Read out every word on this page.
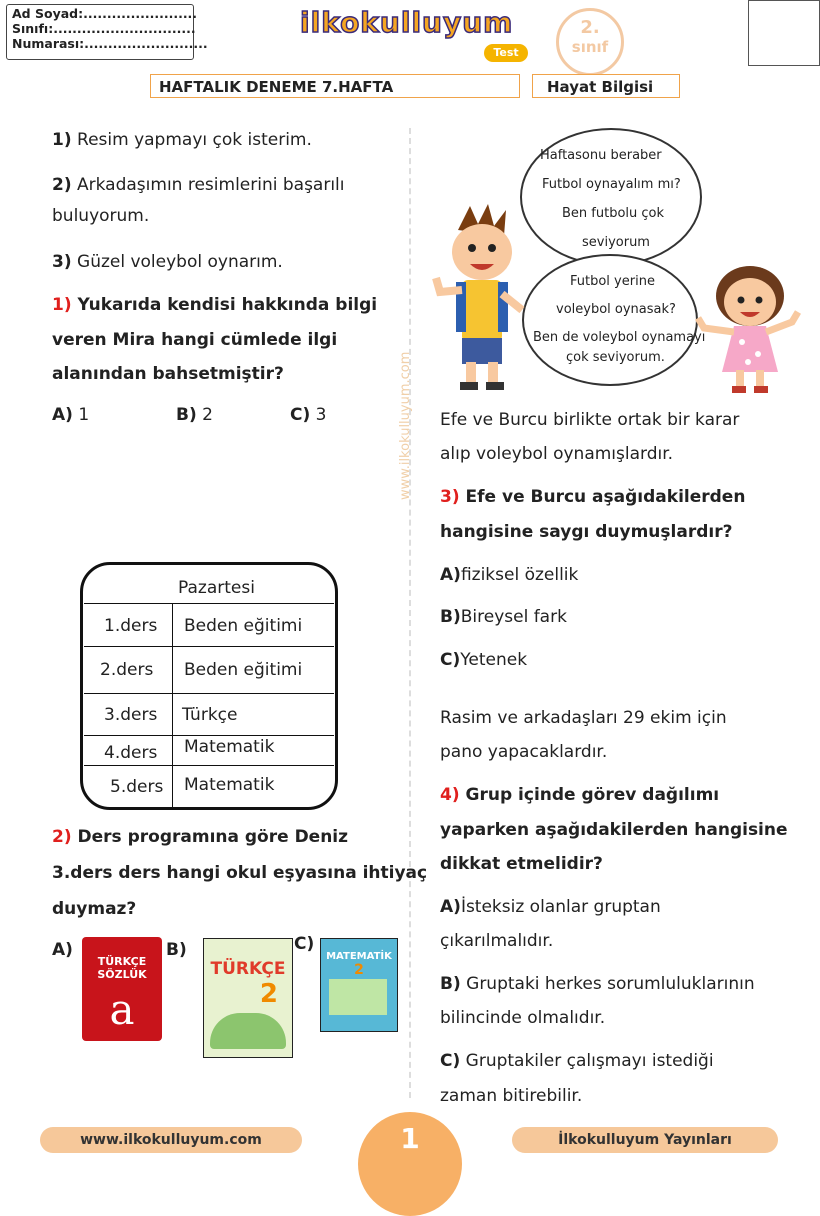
Ad Soyad:........................
Sınıfı:..............................
Numarası:..........................
ilkokulluyum
Test
2.
sınıf
HAFTALIK DENEME 7.HAFTA	Hayat Bilgisi
www.ilkokulluyum.com
1) Resim yapmayı çok isterim.
2) Arkadaşımın resimlerini başarılı
buluyorum.
3) Güzel voleybol oynarım.
1) Yukarıda kendisi hakkında bilgi
veren Mira hangi cümlede ilgi
alanından bahsetmiştir?
A) 1	B) 2	C) 3
Pazartesi
1.ders Beden eğitimi
2.ders Beden eğitimi
3.ders Türkçe
4.ders Matematik
5.ders Matematik
2) Ders programına göre Deniz
3.ders ders hangi okul eşyasına ihtiyaç
duymaz?
A)
TÜRKÇE SÖZLÜK
a
B)
TÜRKÇE
2
C)
MATEMATİK
2
Haftasonu beraber
Futbol oynayalım mı?
Ben futbolu çok
seviyorum
Futbol yerine
voleybol oynasak?
Ben de voleybol oynamayı
çok seviyorum.
Efe ve Burcu birlikte ortak bir karar
alıp voleybol oynamışlardır.
3) Efe ve Burcu aşağıdakilerden
hangisine saygı duymuşlardır?
A)fiziksel özellik
B)Bireysel fark
C)Yetenek
Rasim ve arkadaşları 29 ekim için
pano yapacaklardır.
4) Grup içinde görev dağılımı
yaparken aşağıdakilerden hangisine
dikkat etmelidir?
A)İsteksiz olanlar gruptan
çıkarılmalıdır.
B) Gruptaki herkes sorumluluklarının
bilincinde olmalıdır.
C) Gruptakiler çalışmayı istediği
zaman bitirebilir.
www.ilkokulluyum.com	İlkokulluyum Yayınları
1
